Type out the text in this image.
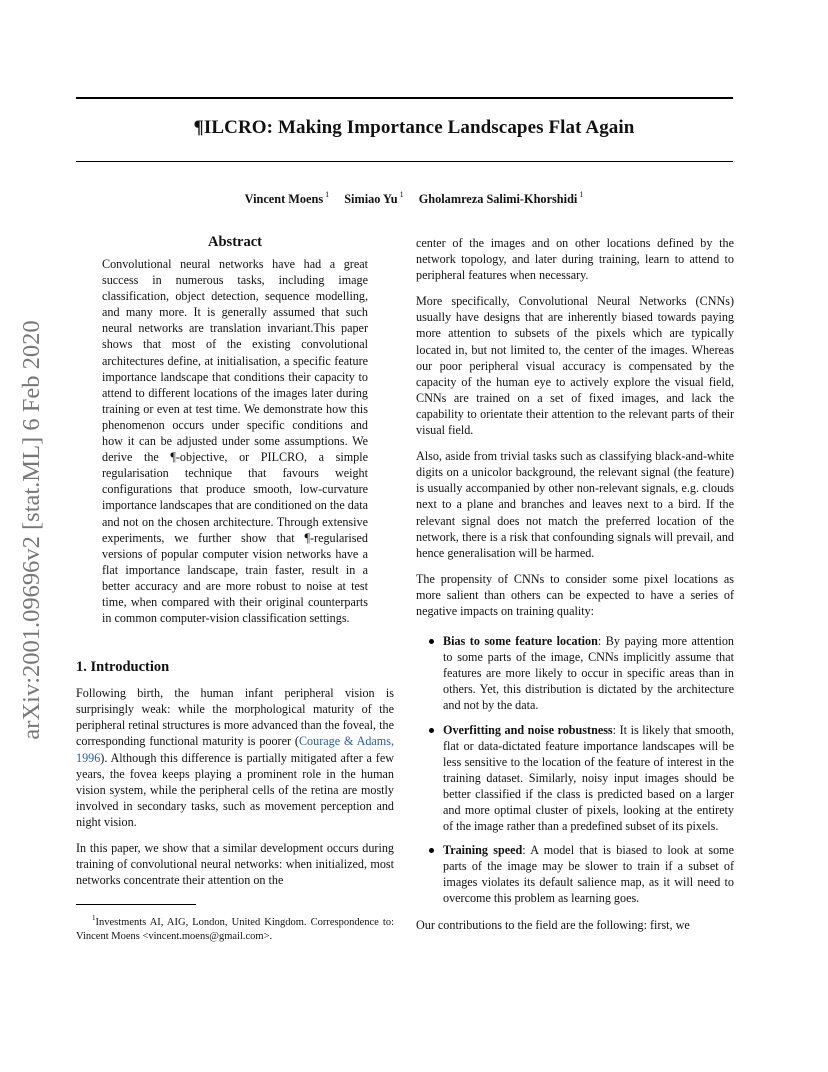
¶ILCRO: Making Importance Landscapes Flat Again
Vincent Moens $^1$ Simiao Yu $^1$ Gholamreza Salimi-Khorshidi $^1$
arXiv:2001.09696v2 [stat.ML] 6 Feb 2020
Abstract
Convolutional neural networks have had a great success in numerous tasks, including image classification, object detection, sequence modelling, and many more. It is generally assumed that such neural networks are translation invariant.This paper shows that most of the existing convolutional architectures define, at initialisation, a specific feature importance landscape that conditions their capacity to attend to different locations of the images later during training or even at test time. We demonstrate how this phenomenon occurs under specific conditions and how it can be adjusted under some assumptions. We derive the ¶-objective, or PILCRO, a simple regularisation technique that favours weight configurations that produce smooth, low-curvature importance landscapes that are conditioned on the data and not on the chosen architecture. Through extensive experiments, we further show that ¶-regularised versions of popular computer vision networks have a flat importance landscape, train faster, result in a better accuracy and are more robust to noise at test time, when compared with their original counterparts in common computer-vision classification settings.
1. Introduction

Following birth, the human infant peripheral vision is surprisingly weak: while the morphological maturity of the peripheral retinal structures is more advanced than the foveal, the corresponding functional maturity is poorer (Courage & Adams, 1996). Although this difference is partially mitigated after a few years, the fovea keeps playing a prominent role in the human vision system, while the peripheral cells of the retina are mostly involved in secondary tasks, such as movement perception and night vision.

In this paper, we show that a similar development occurs during training of convolutional neural networks: when initialized, most networks concentrate their attention on the

$^1$Investments AI, AIG, London, United Kingdom. Correspondence to: Vincent Moens <vincent.moens@gmail.com>.

center of the images and on other locations defined by the network topology, and later during training, learn to attend to peripheral features when necessary.

More specifically, Convolutional Neural Networks (CNNs) usually have designs that are inherently biased towards paying more attention to subsets of the pixels which are typically located in, but not limited to, the center of the images. Whereas our poor peripheral visual accuracy is compensated by the capacity of the human eye to actively explore the visual field, CNNs are trained on a set of fixed images, and lack the capability to orientate their attention to the relevant parts of their visual field.

Also, aside from trivial tasks such as classifying black-and-white digits on a unicolor background, the relevant signal (the feature) is usually accompanied by other non-relevant signals, e.g. clouds next to a plane and branches and leaves next to a bird. If the relevant signal does not match the preferred location of the network, there is a risk that confounding signals will prevail, and hence generalisation will be harmed.

The propensity of CNNs to consider some pixel locations as more salient than others can be expected to have a series of negative impacts on training quality:

Bias to some feature location: By paying more attention to some parts of the image, CNNs implicitly assume that features are more likely to occur in specific areas than in others. Yet, this distribution is dictated by the architecture and not by the data.
Overfitting and noise robustness: It is likely that smooth, flat or data-dictated feature importance landscapes will be less sensitive to the location of the feature of interest in the training dataset. Similarly, noisy input images should be better classified if the class is predicted based on a larger and more optimal cluster of pixels, looking at the entirety of the image rather than a predefined subset of its pixels.
Training speed: A model that is biased to look at some parts of the image may be slower to train if a subset of images violates its default salience map, as it will need to overcome this problem as learning goes.

Our contributions to the field are the following: first, we
